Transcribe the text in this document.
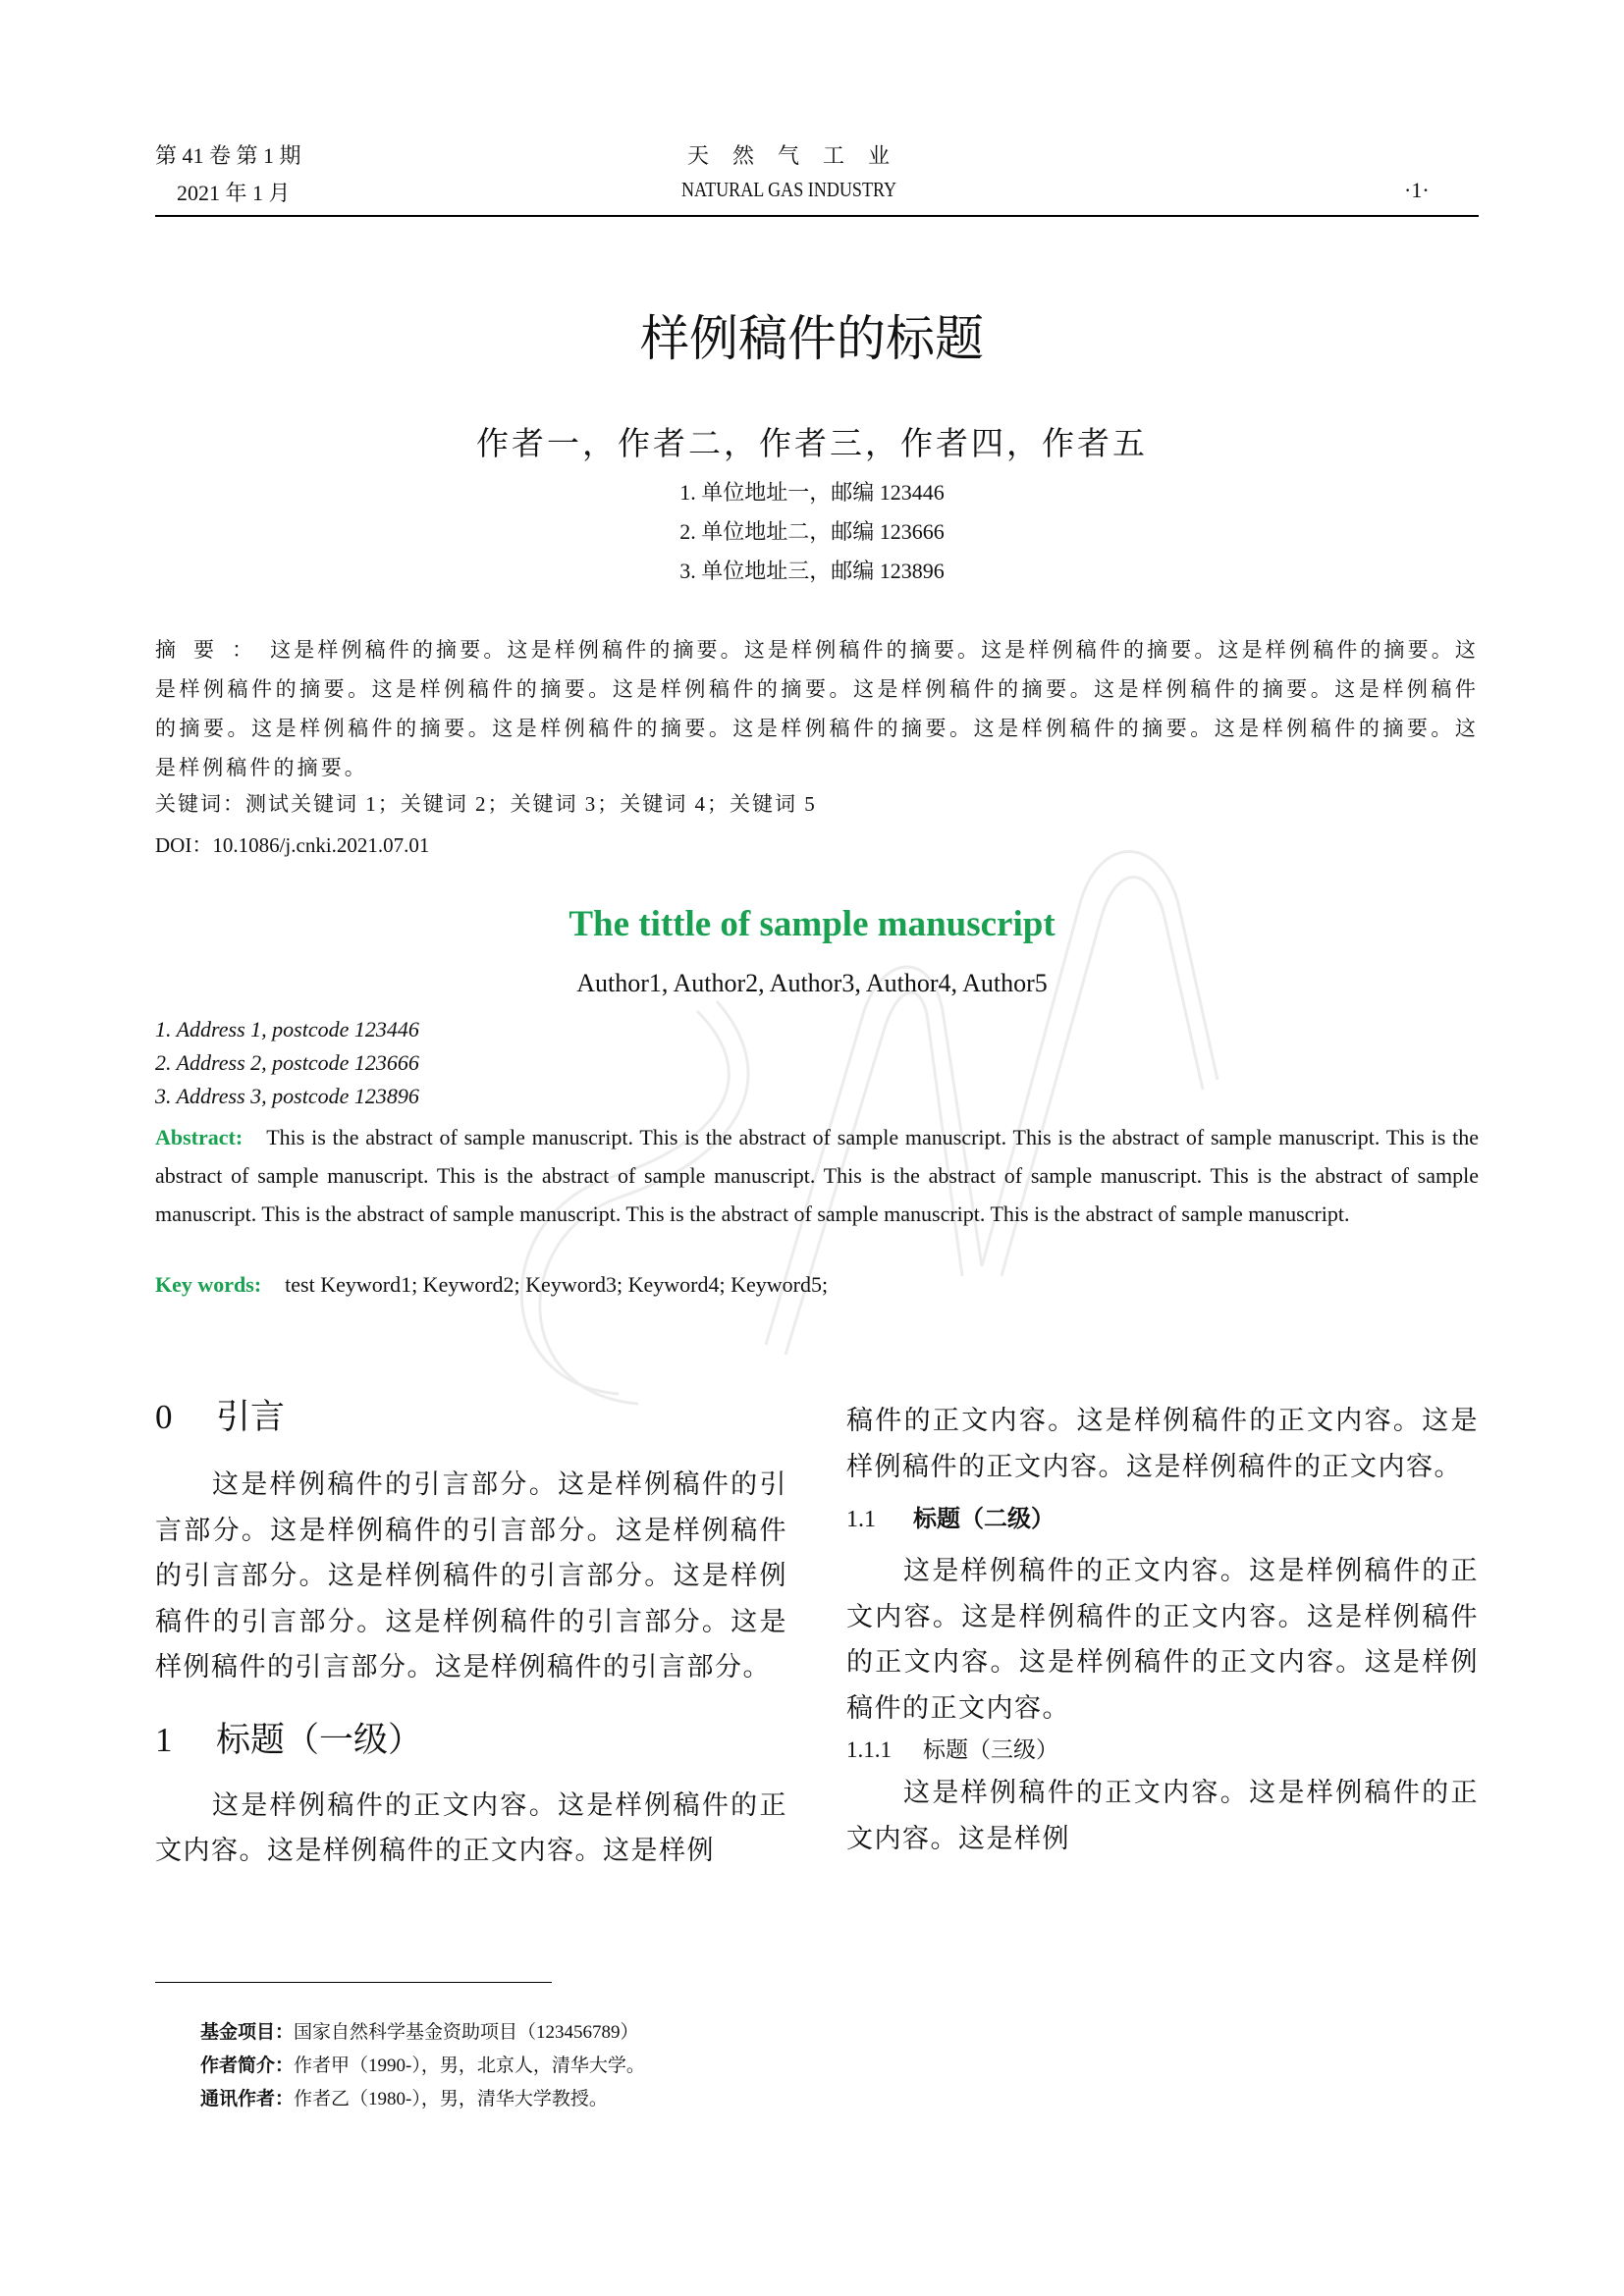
第 41 卷 第 1 期
2021 年 1 月
天然气工业
NATURAL GAS INDUSTRY	·1·
样例稿件的标题
作者一，作者二，作者三，作者四，作者五
1. 单位地址一，邮编 123446
2. 单位地址二，邮编 123666
3. 单位地址三，邮编 123896
摘要：这是样例稿件的摘要。这是样例稿件的摘要。这是样例稿件的摘要。这是样例稿件的摘要。这是样例稿件的摘要。这是样例稿件的摘要。这是样例稿件的摘要。这是样例稿件的摘要。这是样例稿件的摘要。这是样例稿件的摘要。这是样例稿件的摘要。这是样例稿件的摘要。这是样例稿件的摘要。这是样例稿件的摘要。这是样例稿件的摘要。这是样例稿件的摘要。这是样例稿件的摘要。
关键词：测试关键词 1；关键词 2；关键词 3；关键词 4；关键词 5
DOI：10.1086/j.cnki.2021.07.01
The tittle of sample manuscript
Author1, Author2, Author3, Author4, Author5
1. Address 1, postcode 123446
2. Address 2, postcode 123666
3. Address 3, postcode 123896
Abstract: This is the abstract of sample manuscript. This is the abstract of sample manuscript. This is the abstract of sample manuscript. This is the abstract of sample manuscript. This is the abstract of sample manuscript. This is the abstract of sample manuscript. This is the abstract of sample manuscript. This is the abstract of sample manuscript. This is the abstract of sample manuscript. This is the abstract of sample manuscript.
Key words: test Keyword1; Keyword2; Keyword3; Keyword4; Keyword5;
0 引言

这是样例稿件的引言部分。这是样例稿件的引言部分。这是样例稿件的引言部分。这是样例稿件的引言部分。这是样例稿件的引言部分。这是样例稿件的引言部分。这是样例稿件的引言部分。这是样例稿件的引言部分。这是样例稿件的引言部分。

1 标题（一级）

这是样例稿件的正文内容。这是样例稿件的正文内容。这是样例稿件的正文内容。这是样例

稿件的正文内容。这是样例稿件的正文内容。这是样例稿件的正文内容。这是样例稿件的正文内容。

1.1 标题（二级）

这是样例稿件的正文内容。这是样例稿件的正文内容。这是样例稿件的正文内容。这是样例稿件的正文内容。这是样例稿件的正文内容。这是样例稿件的正文内容。

1.1.1 标题（三级）

这是样例稿件的正文内容。这是样例稿件的正文内容。这是样例

基金项目：国家自然科学基金资助项目（123456789）
作者简介：作者甲（1990-），男，北京人，清华大学。
通讯作者：作者乙（1980-），男，清华大学教授。
